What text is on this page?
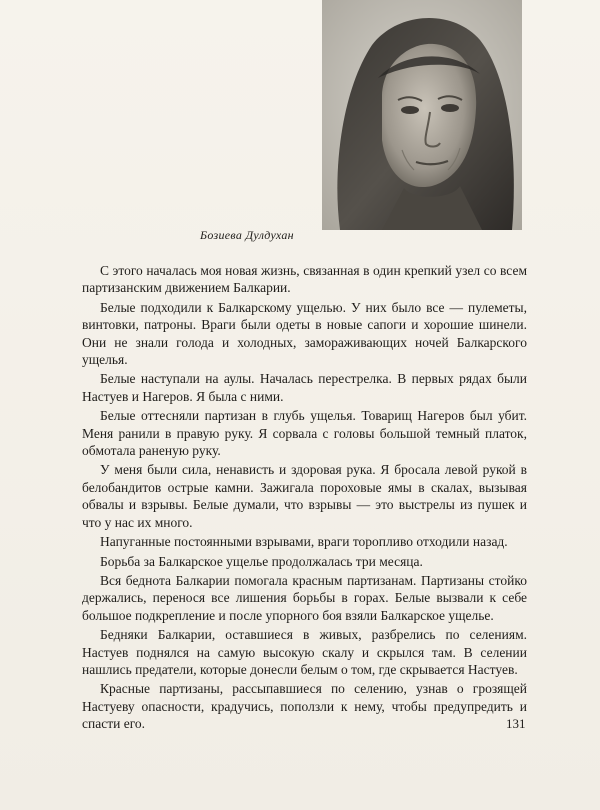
Бозиева Дулдухан

С этого началась моя новая жизнь, связанная в один крепкий узел со всем партизанским движением Балкарии.

Белые подходили к Балкарскому ущелью. У них было все — пулеметы, винтовки, патроны. Враги были одеты в новые сапоги и хорошие шинели. Они не знали голода и холодных, замораживающих ночей Балкарского ущелья.

Белые наступали на аулы. Началась перестрелка. В первых рядах были Настуев и Нагеров. Я была с ними.

Белые оттесняли партизан в глубь ущелья. Товарищ Нагеров был убит. Меня ранили в правую руку. Я сорвала с головы большой темный платок, обмотала раненую руку.

У меня были сила, ненависть и здоровая рука. Я бросала левой рукой в белобандитов острые камни. Зажигала пороховые ямы в скалах, вызывая обвалы и взрывы. Белые думали, что взрывы — это выстрелы из пушек и что у нас их много.

Напуганные постоянными взрывами, враги торопливо отходили назад.

Борьба за Балкарское ущелье продолжалась три месяца.

Вся беднота Балкарии помогала красным партизанам. Партизаны стойко держались, перенося все лишения борьбы в горах. Белые вызвали к себе большое подкрепление и после упорного боя взяли Балкарское ущелье.

Бедняки Балкарии, оставшиеся в живых, разбрелись по селениям. Настуев поднялся на самую высокую скалу и скрылся там. В селении нашлись предатели, которые донесли белым о том, где скрывается Настуев.

Красные партизаны, рассыпавшиеся по селению, узнав о грозящей Настуеву опасности, крадучись, поползли к нему, чтобы предупредить и спасти его.	131
